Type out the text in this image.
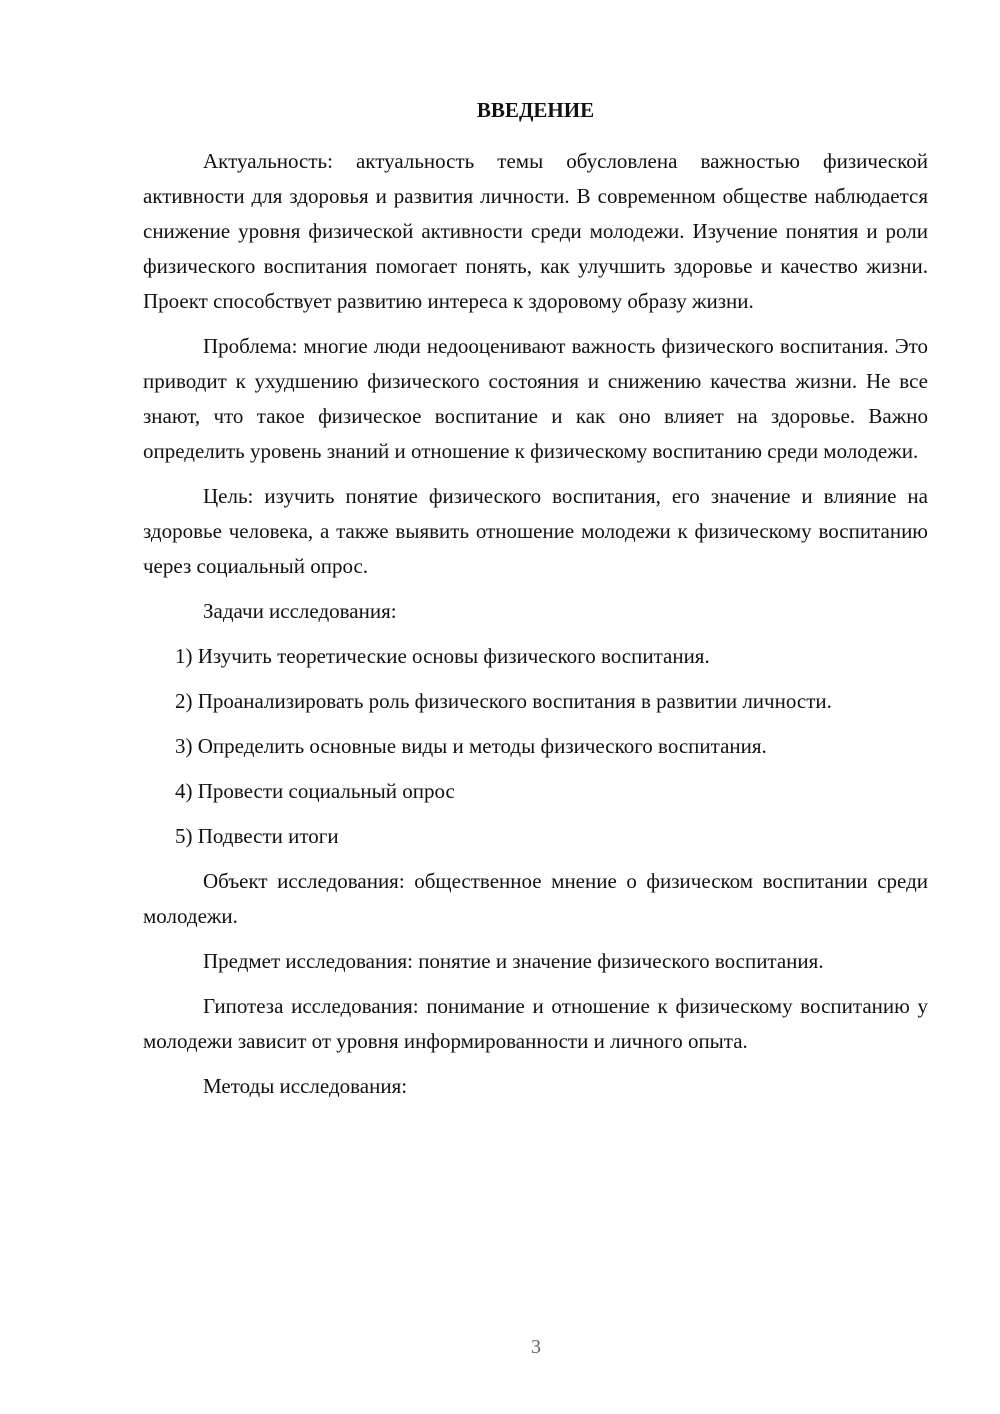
ВВЕДЕНИЕ

Актуальность: актуальность темы обусловлена важностью физической активности для здоровья и развития личности. В современном обществе наблюдается снижение уровня физической активности среди молодежи. Изучение понятия и роли физического воспитания помогает понять, как улучшить здоровье и качество жизни. Проект способствует развитию интереса к здоровому образу жизни.

Проблема: многие люди недооценивают важность физического воспитания. Это приводит к ухудшению физического состояния и снижению качества жизни. Не все знают, что такое физическое воспитание и как оно влияет на здоровье. Важно определить уровень знаний и отношение к физическому воспитанию среди молодежи.

Цель: изучить понятие физического воспитания, его значение и влияние на здоровье человека, а также выявить отношение молодежи к физическому воспитанию через социальный опрос.

Задачи исследования:

1) Изучить теоретические основы физического воспитания.

2) Проанализировать роль физического воспитания в развитии личности.

3) Определить основные виды и методы физического воспитания.

4) Провести социальный опрос

5) Подвести итоги

Объект исследования: общественное мнение о физическом воспитании среди молодежи.

Предмет исследования: понятие и значение физического воспитания.

Гипотеза исследования: понимание и отношение к физическому воспитанию у молодежи зависит от уровня информированности и личного опыта.

Методы исследования:

3
